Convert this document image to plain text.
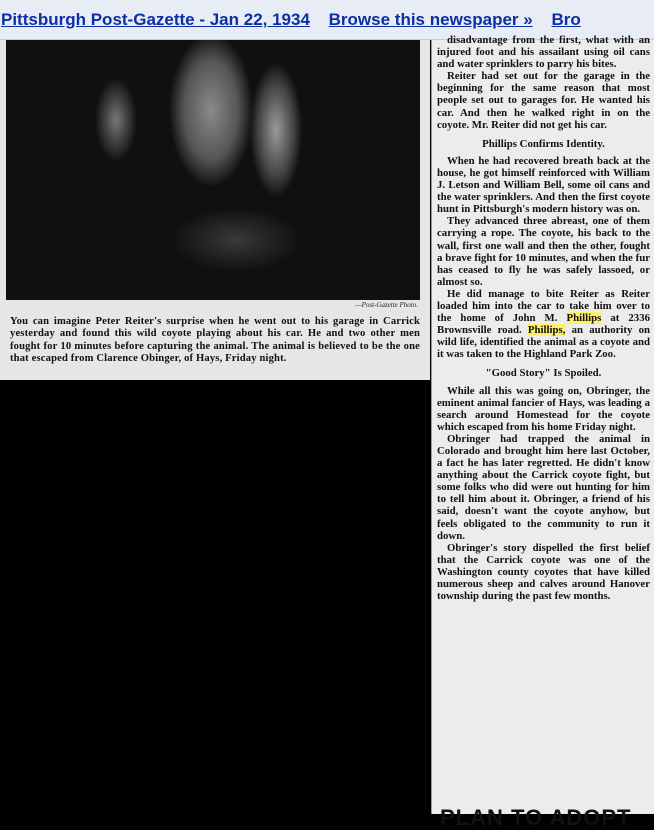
Pittsburgh Post-Gazette - Jan 22, 1934 Browse this newspaper » Bro
—Post-Gazette Photo.
You can imagine Peter Reiter's surprise when he went out to his garage in Carrick yesterday and found this wild coyote playing about his car. He and two other men fought for 10 minutes before capturing the animal. The animal is believed to be the one that escaped from Clarence Obinger, of Hays, Friday night.

disadvantage from the first, what with an injured foot and his assailant using oil cans and water sprinklers to parry his bites.

Reiter had set out for the garage in the beginning for the same reason that most people set out to garages for. He wanted his car. And then he walked right in on the coyote. Mr. Reiter did not get his car.

Phillips Confirms Identity.

When he had recovered breath back at the house, he got himself reinforced with William J. Letson and William Bell, some oil cans and the water sprinklers. And then the first coyote hunt in Pittsburgh's modern history was on.

They advanced three abreast, one of them carrying a rope. The coyote, his back to the wall, first one wall and then the other, fought a brave fight for 10 minutes, and when the fur has ceased to fly he was safely lassoed, or almost so.

He did manage to bite Reiter as Reiter loaded him into the car to take him over to the home of John M. Phillips at 2336 Brownsville road. Phillips, an authority on wild life, identified the animal as a coyote and it was taken to the Highland Park Zoo.

"Good Story" Is Spoiled.

While all this was going on, Obringer, the eminent animal fancier of Hays, was leading a search around Homestead for the coyote which escaped from his home Friday night.

Obringer had trapped the animal in Colorado and brought him here last October, a fact he has later regretted. He didn't know anything about the Carrick coyote fight, but some folks who did were out hunting for him to tell him about it. Obringer, a friend of his said, doesn't want the coyote anyhow, but feels obligated to the community to run it down.

Obringer's story dispelled the first belief that the Carrick coyote was one of the Washington county coyotes that have killed numerous sheep and calves around Hanover township during the past few months.

PLAN TO ADOPT
